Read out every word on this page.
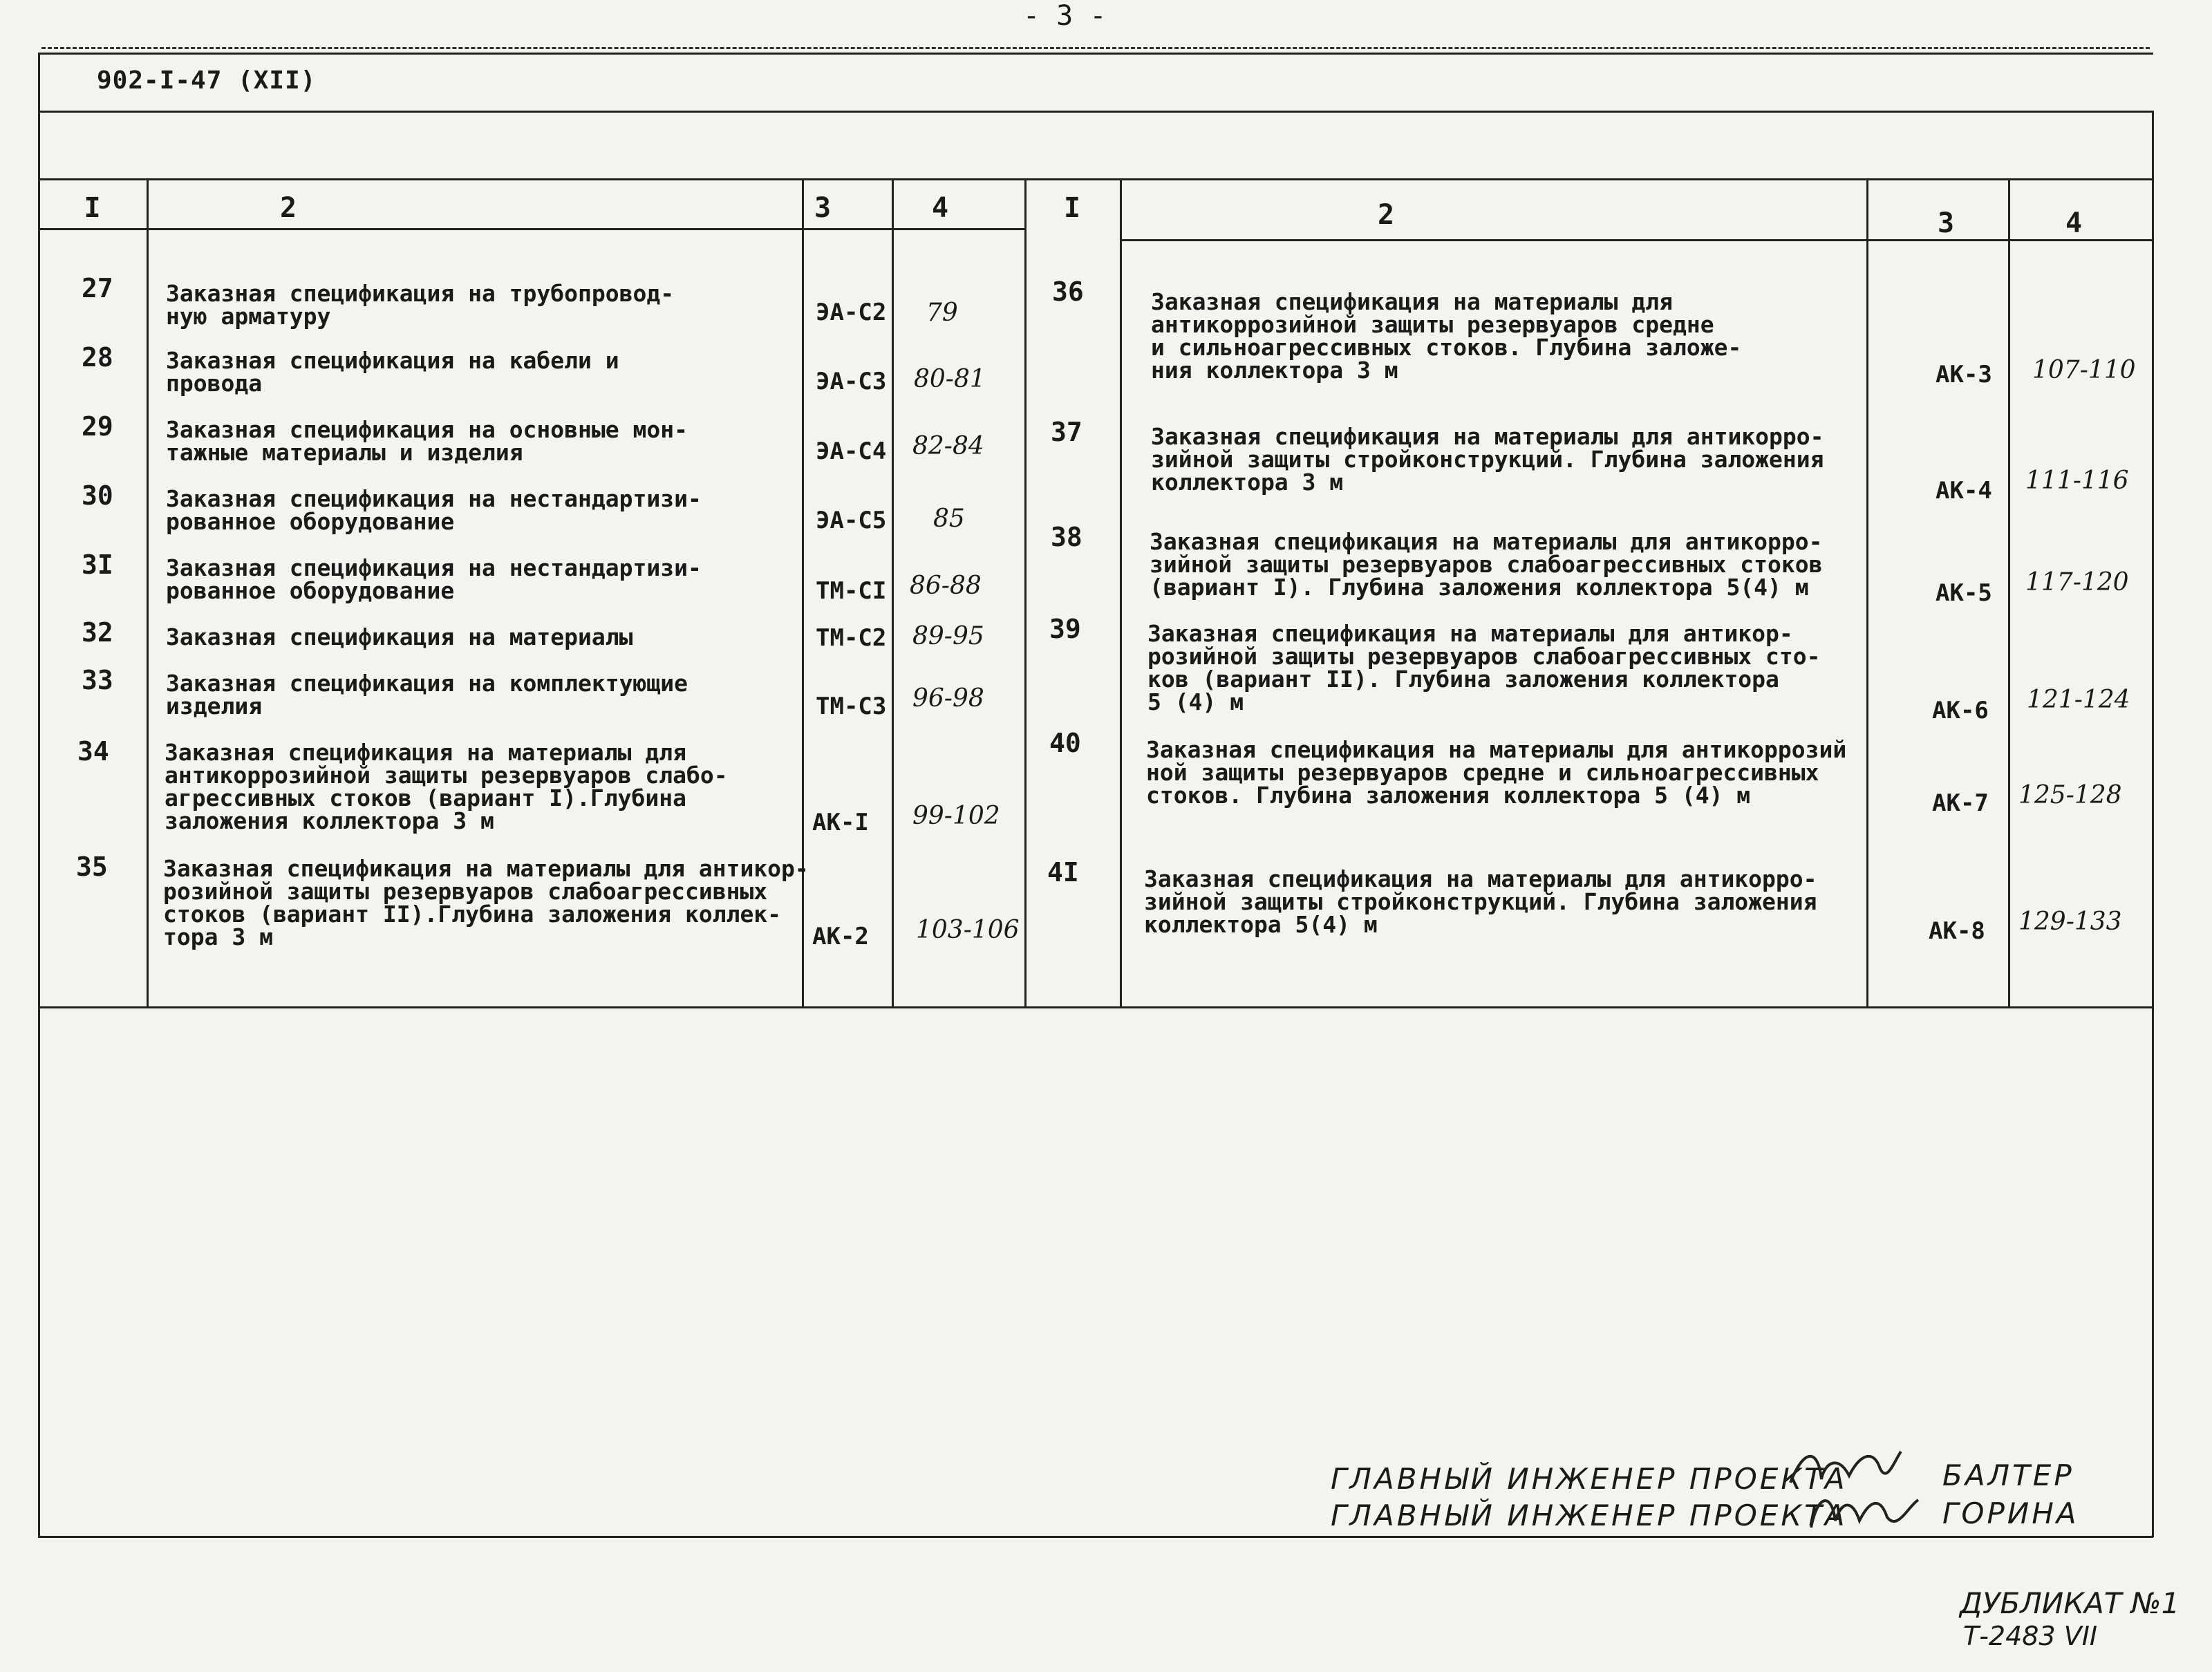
- 3 -
902-I-47 (XII)
I	2	3	4	I	2	3	4
27 Заказная спецификация на трубопровод-
ную арматуру	ЭА-С2 79
28 Заказная спецификация на кабели и
провода	ЭА-С3 80-81
29 Заказная спецификация на основные мон-
тажные материалы и изделия	ЭА-С4 82-84
30 Заказная спецификация на нестандартизи-
рованное оборудование	ЭА-С5 85
3I Заказная спецификация на нестандартизи-
рованное оборудование	ТМ-СI 86-88
32 Заказная спецификация на материалы	ТМ-С2 89-95
33 Заказная спецификация на комплектующие
изделия	ТМ-С3 96-98
34 Заказная спецификация на материалы для
антикоррозийной защиты резервуаров слабо-
агрессивных стоков (вариант I).Глубина
заложения коллектора 3 м	АК-I 99-102
35 Заказная спецификация на материалы для антикор-
розийной защиты резервуаров слабоагрессивных
стоков (вариант II).Глубина заложения коллек-
тора 3 м	АК-2 103-106
36	Заказная спецификация на материалы для
антикоррозийной защиты резервуаров средне
и сильноагрессивных стоков. Глубина заложе-
ния коллектора 3 м	АК-3 107-110
37	Заказная спецификация на материалы для антикорро-
зийной защиты стройконструкций. Глубина заложения
коллектора 3 м	АК-4 111-116
38	Заказная спецификация на материалы для антикорро-
зийной защиты резервуаров слабоагрессивных стоков
(вариант I). Глубина заложения коллектора 5(4) м	АК-5 117-120
39	Заказная спецификация на материалы для антикор-
розийной защиты резервуаров слабоагрессивных сто-
ков (вариант II). Глубина заложения коллектора
5 (4) м	АК-6 121-124
40	Заказная спецификация на материалы для антикоррозий
ной защиты резервуаров средне и сильноагрессивных
стоков. Глубина заложения коллектора 5 (4) м	АК-7 125-128
4I	Заказная спецификация на материалы для антикорро-
зийной защиты стройконструкций. Глубина заложения
коллектора 5(4) м	АК-8 129-133
ГЛАВНЫЙ ИНЖЕНЕР ПРОЕКТА	БАЛТЕР
ГЛАВНЫЙ ИНЖЕНЕР ПРОЕКТА	ГОРИНА
ДУБЛИКАТ №1
Т-2483 VII
